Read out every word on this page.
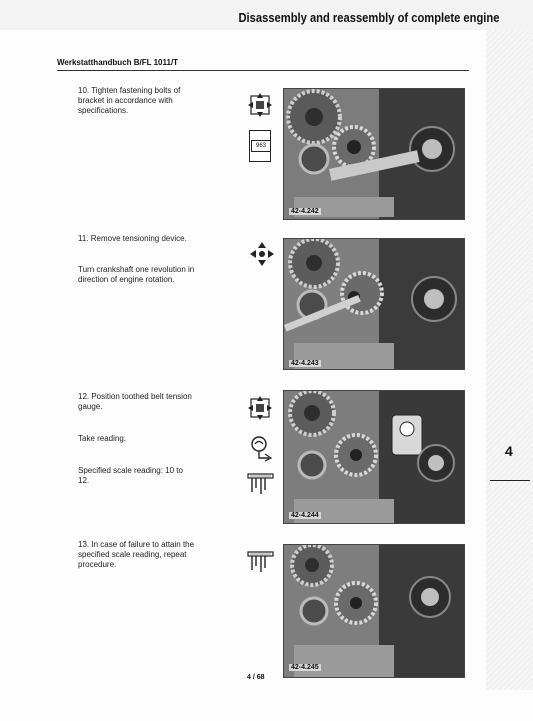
Disassembly and reassembly of complete engine
Werkstatthandbuch B/FL 1011/T
4
10. Tighten fastening bolts of bracket in accordance with specifications.
11. Remove tensioning device.
Turn crankshaft one revolution in direction of engine rotation.
12. Position toothed belt tension gauge.
Take reading.
Specified scale reading: 10 to 12.
13. In case of failure to attain the specified scale reading, repeat procedure.
963
42-4.242
42-4.243
42-4.244
42-4.245
4 / 68
